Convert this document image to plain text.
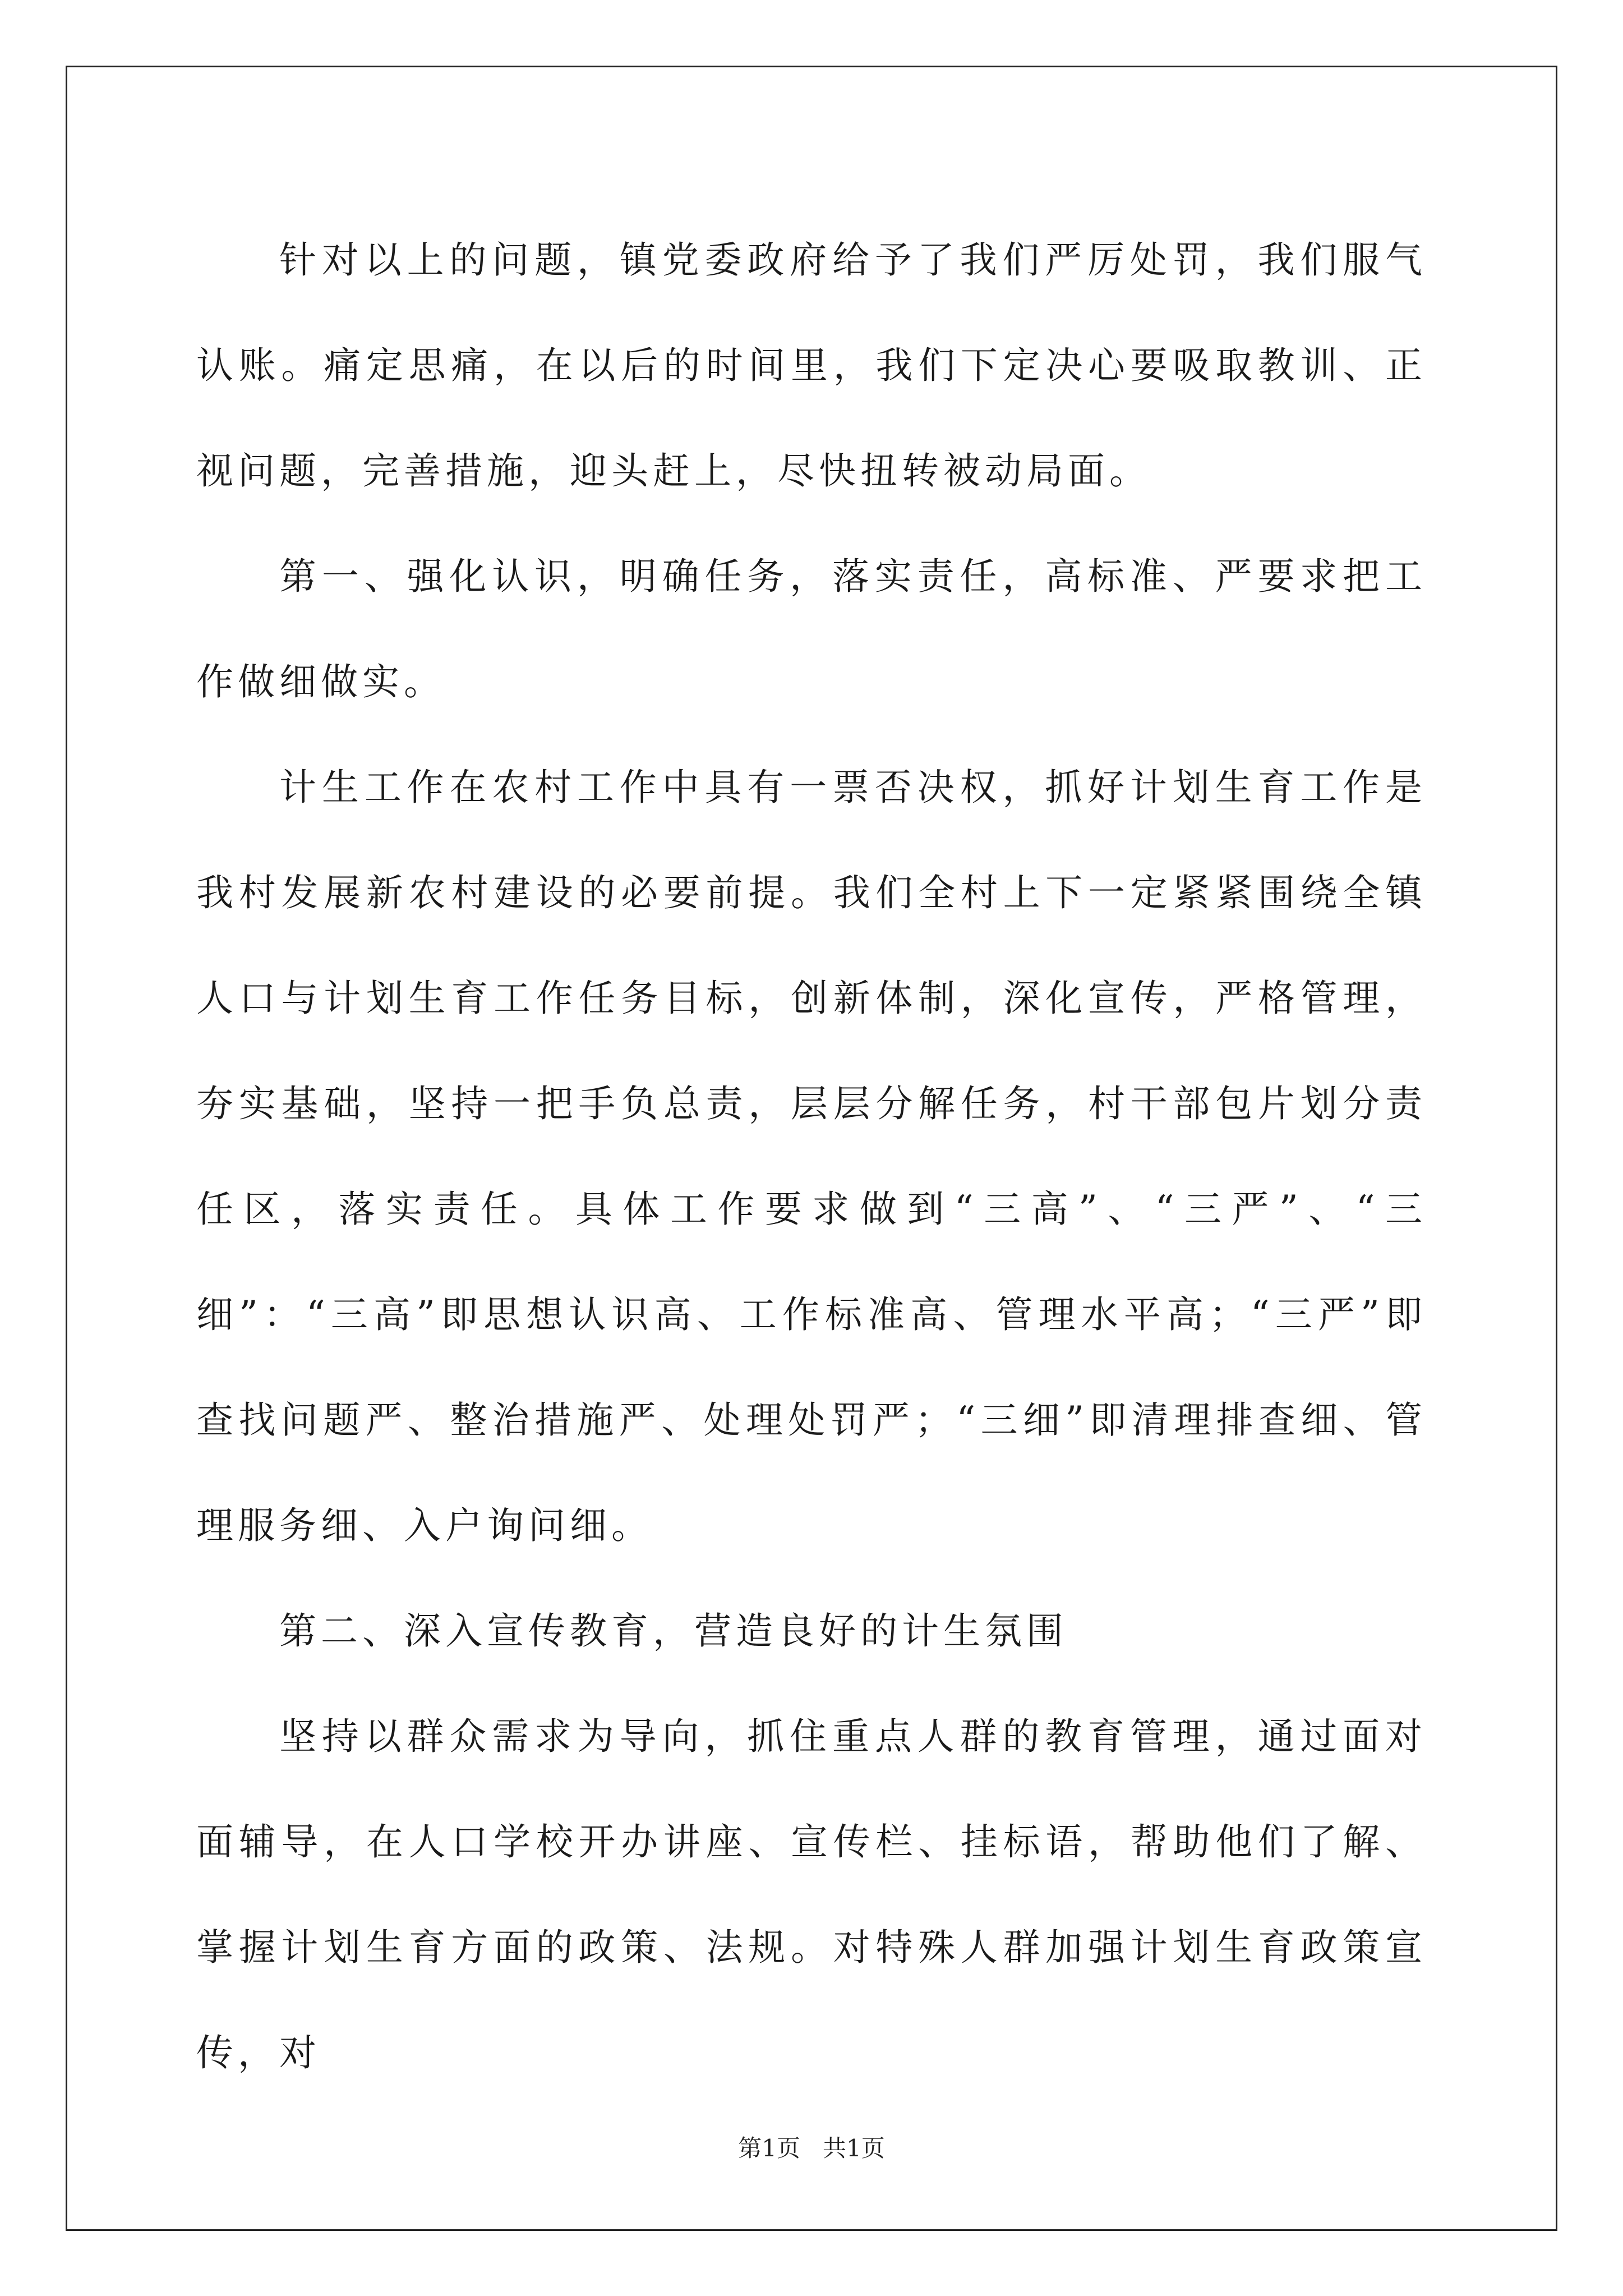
针对以上的问题，镇党委政府给予了我们严厉处罚，我们服气认账。痛定思痛，在以后的时间里，我们下定决心要吸取教训、正视问题，完善措施，迎头赶上，尽快扭转被动局面。

第一、强化认识，明确任务，落实责任，高标准、严要求把工作做细做实。

计生工作在农村工作中具有一票否决权，抓好计划生育工作是我村发展新农村建设的必要前提。我们全村上下一定紧紧围绕全镇人口与计划生育工作任务目标，创新体制，深化宣传，严格管理，夯实基础，坚持一把手负总责，层层分解任务，村干部包片划分责任区，落实责任。具体工作要求做到“三高”、“三严”、“三细”：“三高”即思想认识高、工作标准高、管理水平高；“三严”即查找问题严、整治措施严、处理处罚严；“三细”即清理排查细、管理服务细、入户询问细。

第二、深入宣传教育，营造良好的计生氛围

坚持以群众需求为导向，抓住重点人群的教育管理，通过面对面辅导，在人口学校开办讲座、宣传栏、挂标语，帮助他们了解、掌握计划生育方面的政策、法规。对特殊人群加强计划生育政策宣传，对

第1页 共1页
